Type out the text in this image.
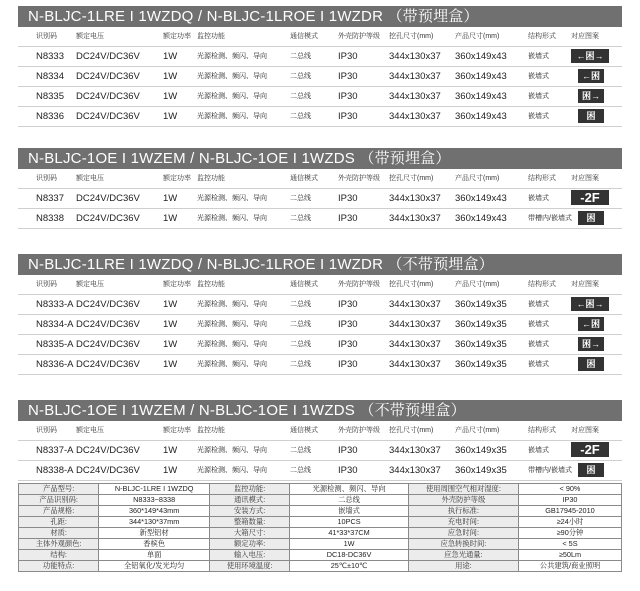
N-BLJC-1LRE I 1WZDQ / N-BLJC-1LROE I 1WZDR （带预埋盒）
识别码	额定电压	额定功率 监控功能	通信模式	外壳防护等级 挖孔尺寸(mm)	产品尺寸(mm)	结构形式 对应图案
N8333 DC24V/DC36V 1W	光源检测、频闪、导向	二总线	IP30	344x130x37 360x149x43	嵌墙式	←困→
N8334 DC24V/DC36V 1W	光源检测、频闪、导向	二总线	IP30	344x130x37 360x149x43	嵌墙式	←困
N8335 DC24V/DC36V 1W	光源检测、频闪、导向	二总线	IP30	344x130x37 360x149x43	嵌墙式	困→
N8336 DC24V/DC36V 1W	光源检测、频闪、导向	二总线	IP30	344x130x37 360x149x43	嵌墙式	困
N-BLJC-1OE I 1WZEM / N-BLJC-1OE I 1WZDS （带预埋盒）
识别码	额定电压	额定功率 监控功能	通信模式	外壳防护等级 挖孔尺寸(mm)	产品尺寸(mm)	结构形式 对应图案
N8337 DC24V/DC36V 1W	光源检测、频闪、导向	二总线	IP30	344x130x37 360x149x43	嵌墙式	-2F
N8338 DC24V/DC36V 1W	光源检测、频闪、导向	二总线	IP30	344x130x37 360x149x43	带槽内/嵌墙式	困
N-BLJC-1LRE I 1WZDQ / N-BLJC-1LROE I 1WZDR （不带预埋盒）
识别码	额定电压	额定功率 监控功能	通信模式	外壳防护等级 挖孔尺寸(mm)	产品尺寸(mm)	结构形式 对应图案
N8333-A DC24V/DC36V 1W	光源检测、频闪、导向	二总线	IP30	344x130x37 360x149x35	嵌墙式	←困→
N8334-A DC24V/DC36V 1W	光源检测、频闪、导向	二总线	IP30	344x130x37 360x149x35	嵌墙式	←困
N8335-A DC24V/DC36V 1W	光源检测、频闪、导向	二总线	IP30	344x130x37 360x149x35	嵌墙式	困→
N8336-A DC24V/DC36V 1W	光源检测、频闪、导向	二总线	IP30	344x130x37 360x149x35	嵌墙式	困
N-BLJC-1OE I 1WZEM / N-BLJC-1OE I 1WZDS （不带预埋盒）
识别码	额定电压	额定功率 监控功能	通信模式	外壳防护等级 挖孔尺寸(mm)	产品尺寸(mm)	结构形式 对应图案
N8337-A DC24V/DC36V 1W	光源检测、频闪、导向	二总线	IP30	344x130x37 360x149x35	嵌墙式	-2F
N8338-A DC24V/DC36V 1W	光源检测、频闪、导向	二总线	IP30	344x130x37 360x149x35	带槽内/嵌墙式	困
产品型号:	N-BLJC-1LRE I 1WZDQ	监控功能:	光源检测、频闪、导向	使用周围空气相对湿度:	< 90%
产品识别码:	N8333~8338	通讯模式:	二总线	外壳防护等级	IP30
产品规格:	360*149*43mm	安装方式:	嵌墙式	执行标准:	GB17945-2010
孔距:	344*130*37mm	整箱数量:	10PCS	充电时间:	≥24小时
材质:	新型铝材	大箱尺寸:	41*33*37CM	应急时间:	≥90分钟
主体外观颜色:	香槟色	额定功率:	1W	应急转换时间:	< 5S
结构:	单面	输入电压:	DC18-DC36V	应急光通量:	≥50Lm
功能特点:	全铝氧化/发光均匀	使用环境温度:	25℃±10℃	用途:	公共建筑/商业照明
